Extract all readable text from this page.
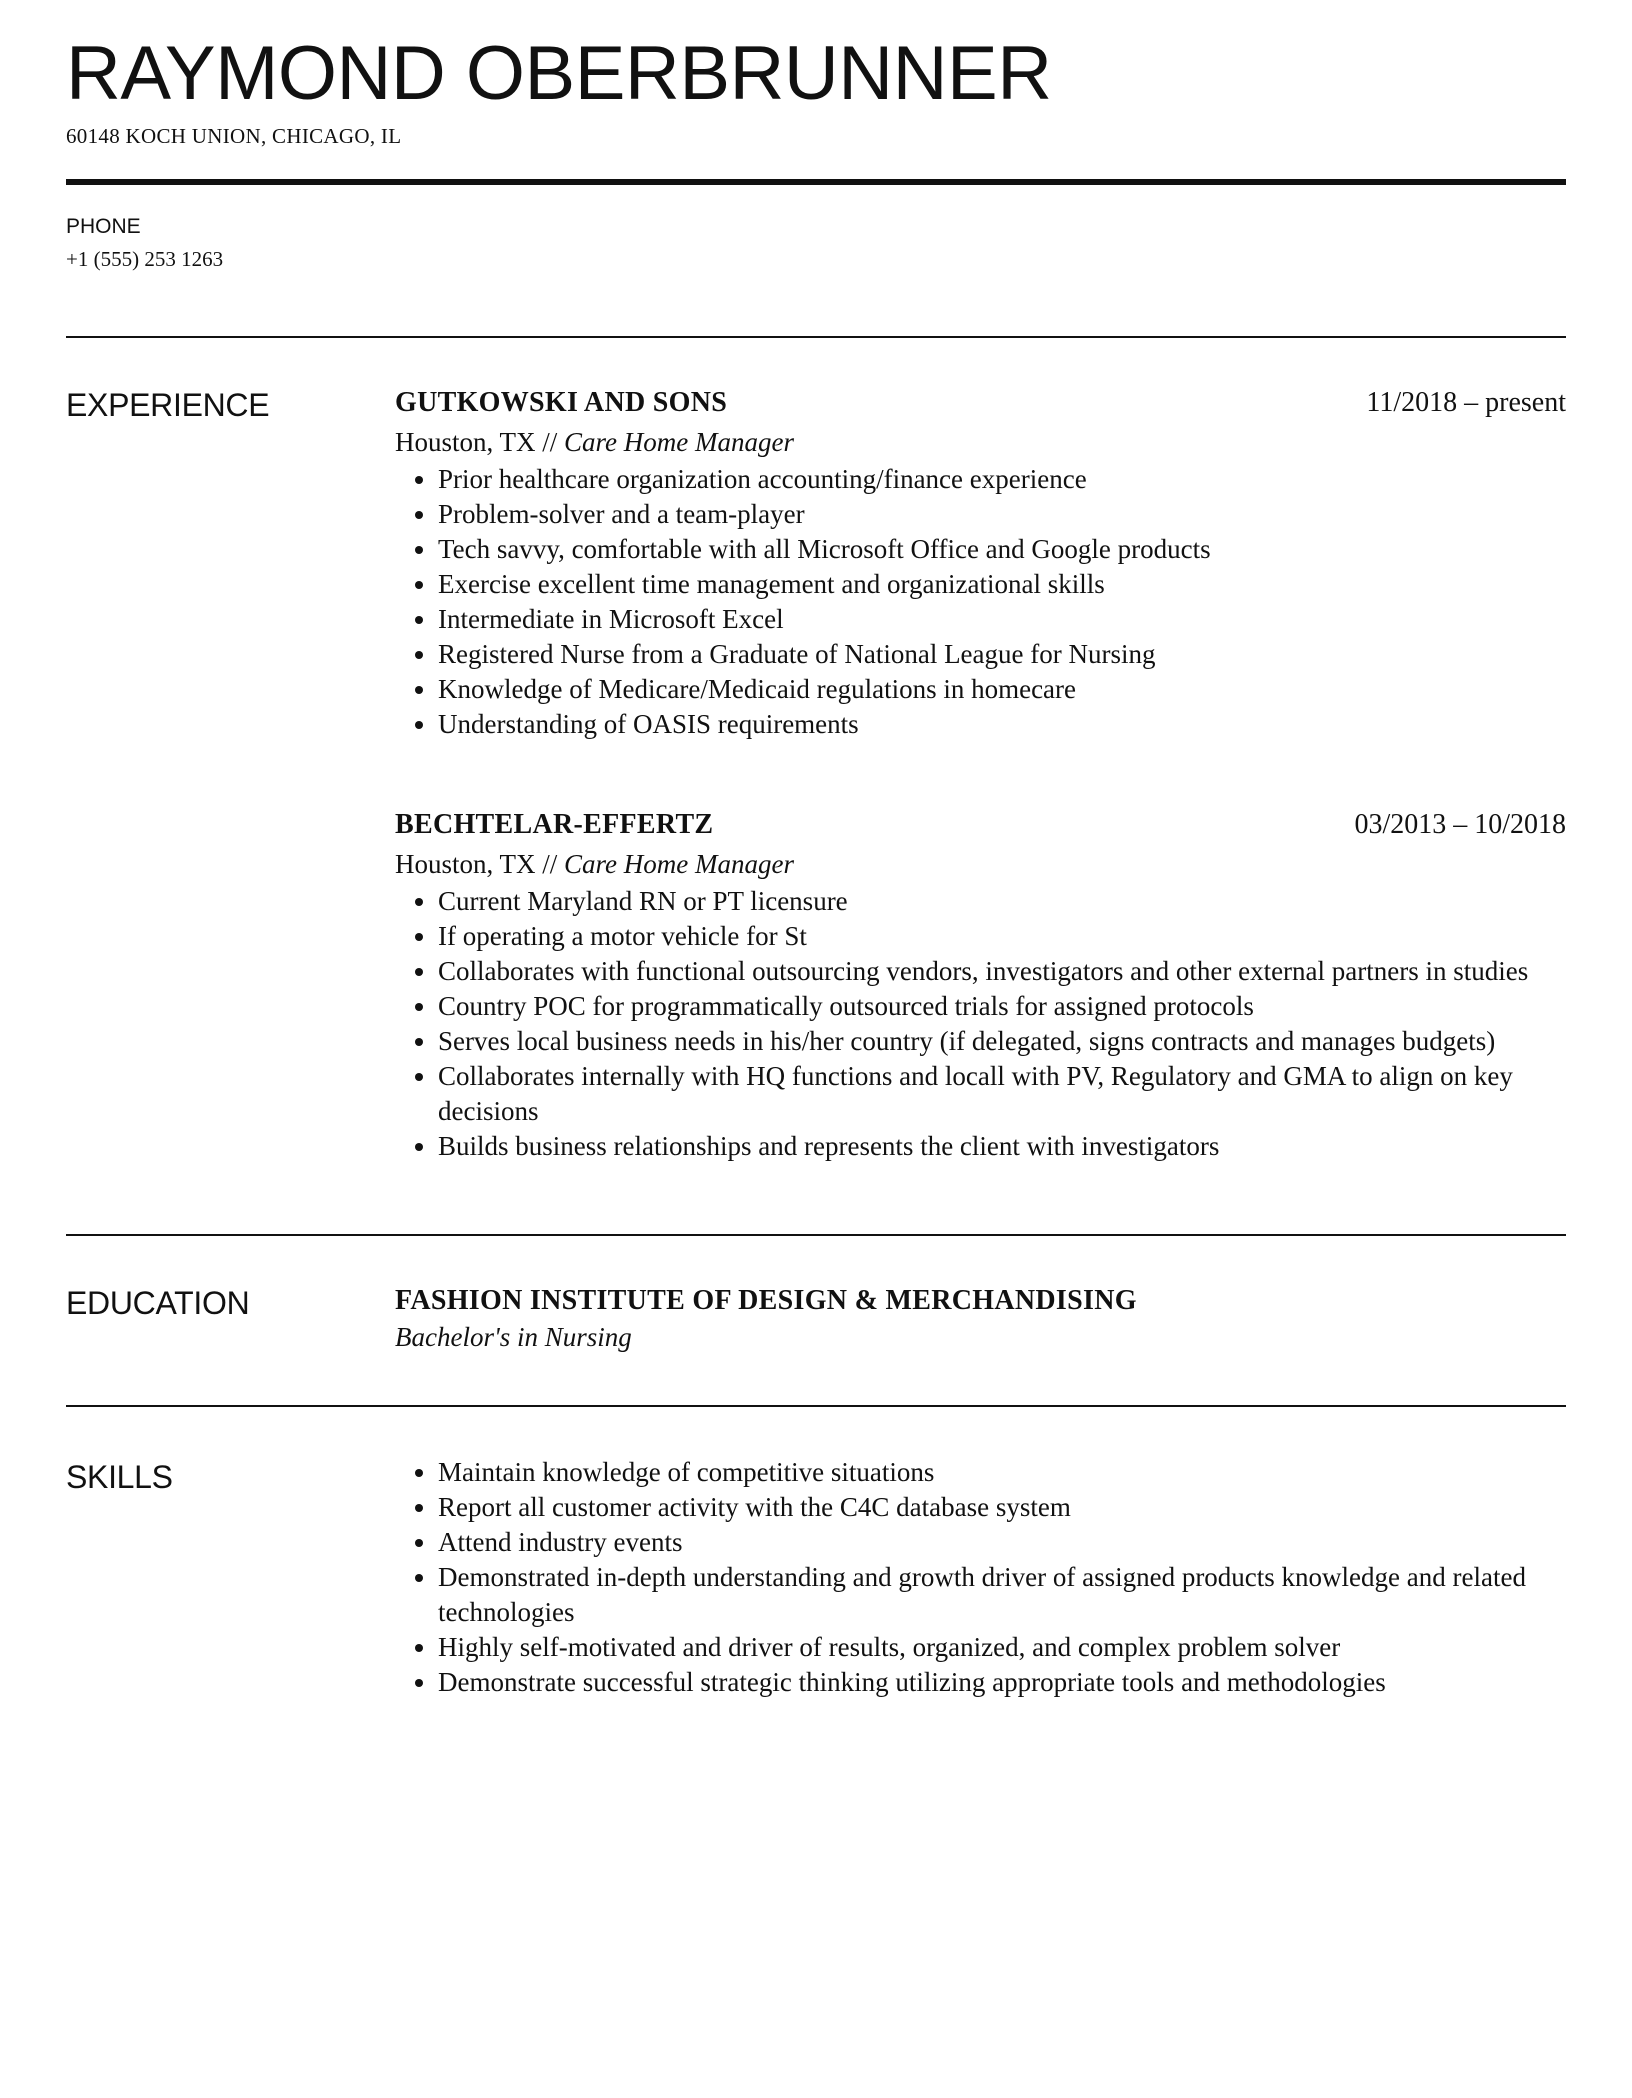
RAYMOND OBERBRUNNER
60148 KOCH UNION, CHICAGO, IL
PHONE
+1 (555) 253 1263
EXPERIENCE	GUTKOWSKI AND SONS	11/2018 – present
Houston, TX // Care Home Manager
• Prior healthcare organization accounting/finance experience
• Problem-solver and a team-player
• Tech savvy, comfortable with all Microsoft Office and Google products
• Exercise excellent time management and organizational skills
• Intermediate in Microsoft Excel
• Registered Nurse from a Graduate of National League for Nursing
• Knowledge of Medicare/Medicaid regulations in homecare
• Understanding of OASIS requirements
BECHTELAR-EFFERTZ	03/2013 – 10/2018
Houston, TX // Care Home Manager
• Current Maryland RN or PT licensure
• If operating a motor vehicle for St
• Collaborates with functional outsourcing vendors, investigators and other external partners in studies
• Country POC for programmatically outsourced trials for assigned protocols
• Serves local business needs in his/her country (if delegated, signs contracts and manages budgets)
• Collaborates internally with HQ functions and locall with PV, Regulatory and GMA to align on key decisions
• Builds business relationships and represents the client with investigators
EDUCATION	FASHION INSTITUTE OF DESIGN & MERCHANDISING
Bachelor's in Nursing
SKILLS
•	Maintain knowledge of competitive situations
• Report all customer activity with the C4C database system
• Attend industry events
• Demonstrated in-depth understanding and growth driver of assigned products knowledge and related technologies
• Highly self-motivated and driver of results, organized, and complex problem solver
• Demonstrate successful strategic thinking utilizing appropriate tools and methodologies
